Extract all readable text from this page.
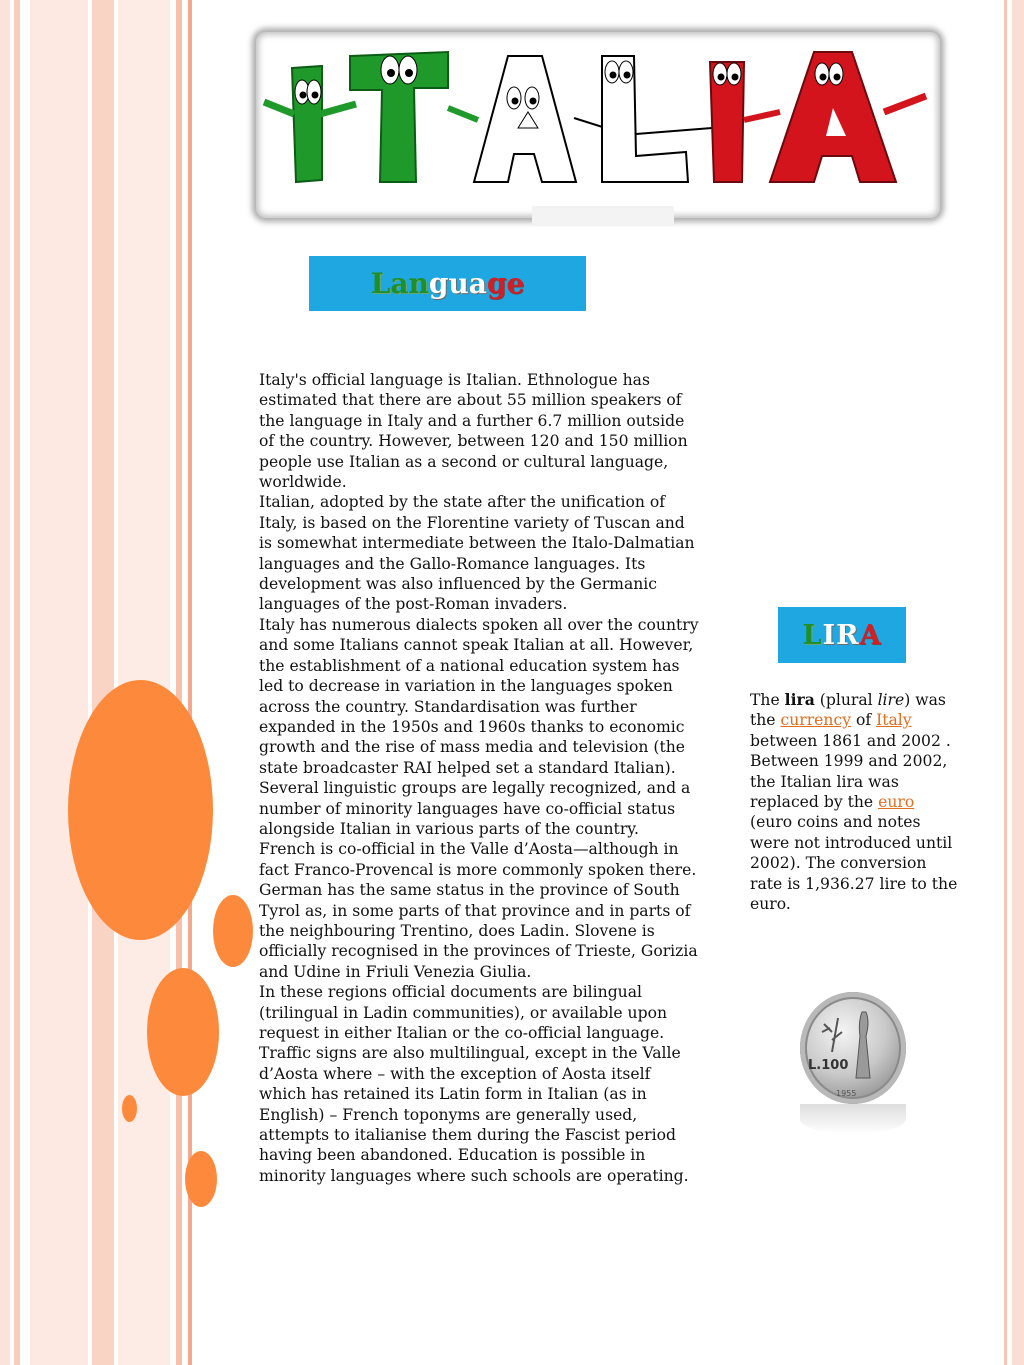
Lan gua ge

Italy's official language is Italian. Ethnologue has estimated that there are about 55 million speakers of the language in Italy and a further 6.7 million outside of the country. However, between 120 and 150 million people use Italian as a second or cultural language, worldwide.

Italian, adopted by the state after the unification of Italy, is based on the Florentine variety of Tuscan and is somewhat intermediate between the Italo-Dalmatian languages and the Gallo-Romance languages. Its development was also influenced by the Germanic languages of the post-Roman invaders.

Italy has numerous dialects spoken all over the country and some Italians cannot speak Italian at all. However, the establishment of a national education system has led to decrease in variation in the languages spoken across the country. Standardisation was further expanded in the 1950s and 1960s thanks to economic growth and the rise of mass media and television (the state broadcaster RAI helped set a standard Italian).

Several linguistic groups are legally recognized, and a number of minority languages have co-official status alongside Italian in various parts of the country. French is co-official in the Valle d’Aosta—although in fact Franco-Provencal is more commonly spoken there. German has the same status in the province of South Tyrol as, in some parts of that province and in parts of the neighbouring Trentino, does Ladin. Slovene is officially recognised in the provinces of Trieste, Gorizia and Udine in Friuli Venezia Giulia.

In these regions official documents are bilingual (trilingual in Ladin communities), or available upon request in either Italian or the co-official language. Traffic signs are also multilingual, except in the Valle d’Aosta where – with the exception of Aosta itself which has retained its Latin form in Italian (as in English) – French toponyms are generally used, attempts to italianise them during the Fascist period having been abandoned. Education is possible in minority languages where such schools are operating.

L IR A
The lira (plural lire) was the currency of Italy between 1861 and 2002 . Between 1999 and 2002, the Italian lira was replaced by the euro (euro coins and notes were not introduced until 2002). The conversion rate is 1,936.27 lire to the euro.
1955
L.100
